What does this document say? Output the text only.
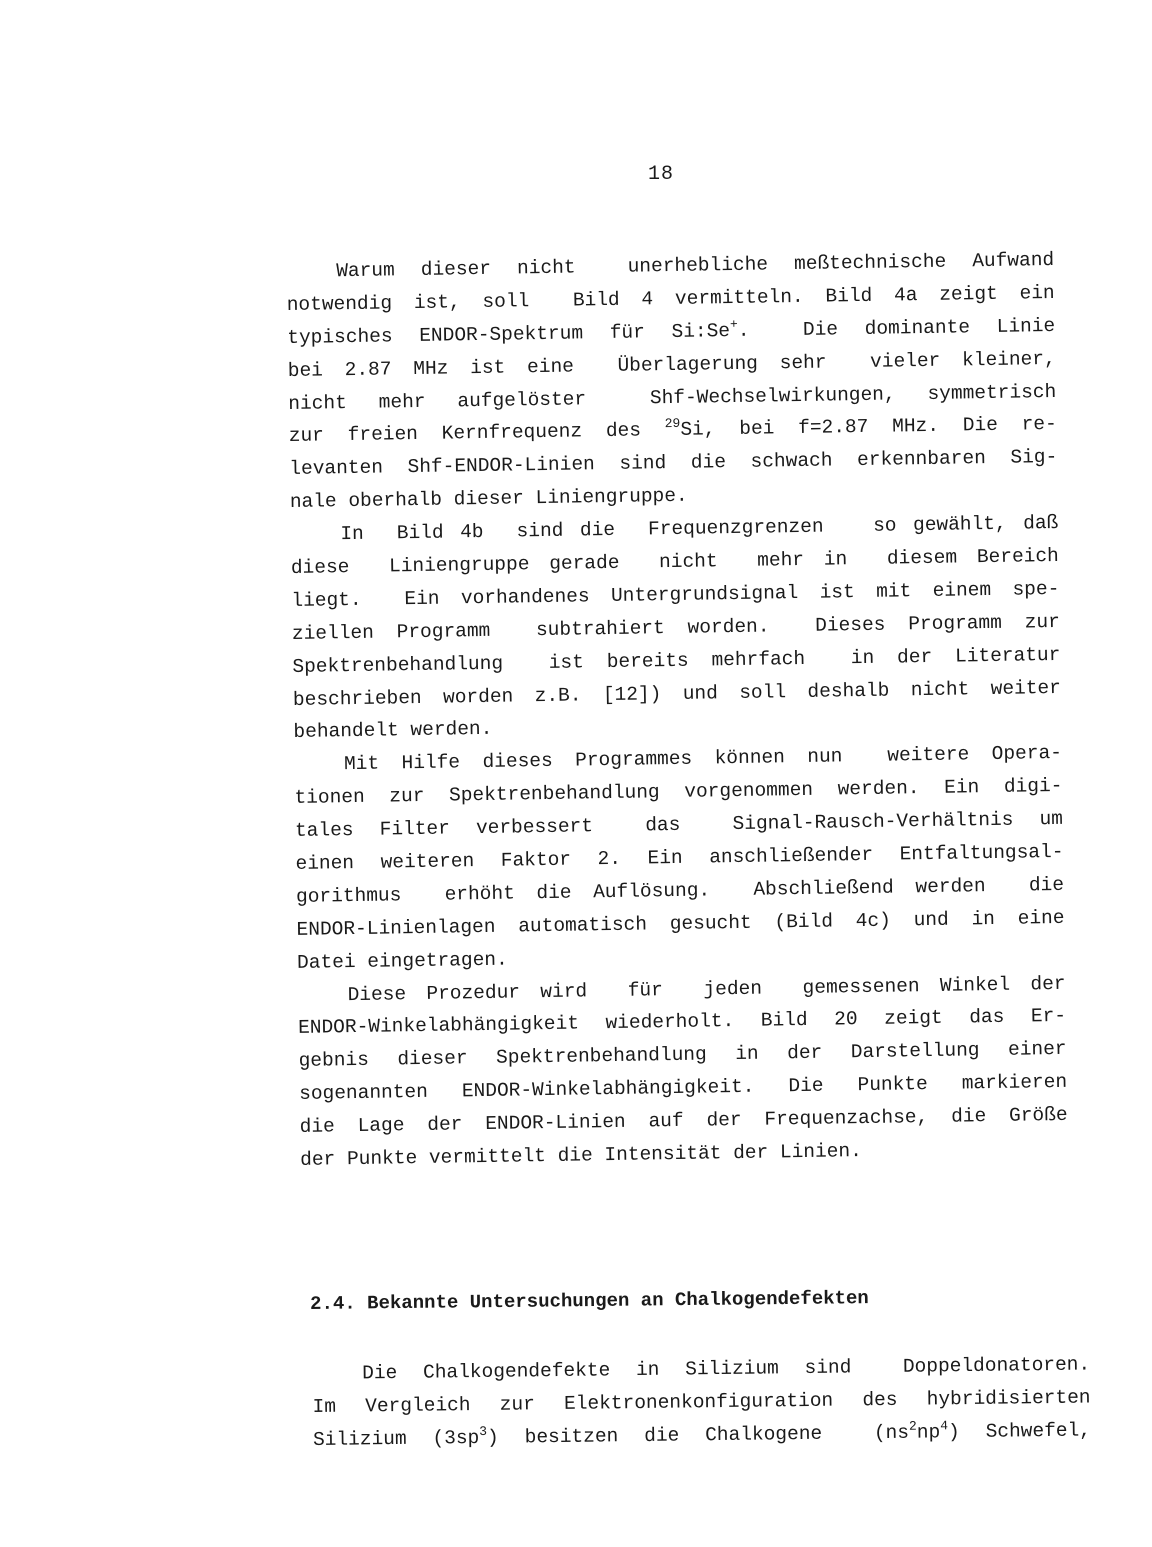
18
Warum dieser nicht  unerhebliche meßtechnische Aufwand
notwendig ist, soll  Bild 4 vermitteln. Bild 4a zeigt ein
typisches ENDOR-Spektrum für Si:Se+.  Die dominante Linie
bei 2.87 MHz ist eine  Überlagerung sehr  vieler kleiner,
nicht mehr aufgelöster  Shf-Wechselwirkungen, symmetrisch
zur freien Kernfrequenz des $^{29}$Si, bei f=2.87 MHz. Die re-
levanten Shf-ENDOR-Linien sind die schwach erkennbaren Sig-
nale oberhalb dieser Liniengruppe.
In  Bild 4b  sind die  Frequenzgrenzen   so gewählt, daß
diese  Liniengruppe gerade  nicht  mehr in  diesem Bereich
liegt.  Ein vorhandenes Untergrundsignal ist mit einem spe-
ziellen Programm  subtrahiert worden.  Dieses Programm zur
Spektrenbehandlung  ist bereits mehrfach  in der Literatur
beschrieben worden z.B. [12]) und soll deshalb nicht weiter
behandelt werden.
Mit Hilfe dieses Programmes können nun  weitere Opera-
tionen zur Spektrenbehandlung vorgenommen werden. Ein digi-
tales Filter verbessert  das  Signal-Rausch-Verhältnis um
einen weiteren Faktor 2. Ein anschließender Entfaltungsal-
gorithmus  erhöht die Auflösung.  Abschließend werden  die
ENDOR-Linienlagen automatisch gesucht (Bild 4c) und in eine
Datei eingetragen.
Diese Prozedur wird  für  jeden  gemessenen Winkel der
ENDOR-Winkelabhängigkeit wiederholt. Bild 20 zeigt das Er-
gebnis dieser Spektrenbehandlung in der Darstellung einer
sogenannten ENDOR-Winkelabhängigkeit. Die Punkte markieren
die Lage der ENDOR-Linien auf der Frequenzachse, die Größe
der Punkte vermittelt die Intensität der Linien.
2.4. Bekannte Untersuchungen an Chalkogendefekten
Die Chalkogendefekte in Silizium sind  Doppeldonatoren.
Im Vergleich zur Elektronenkonfiguration des hybridisierten
Silizium $(3sp^3)$ besitzen die Chalkogene  $(ns^2np^4)$ Schwefel,
